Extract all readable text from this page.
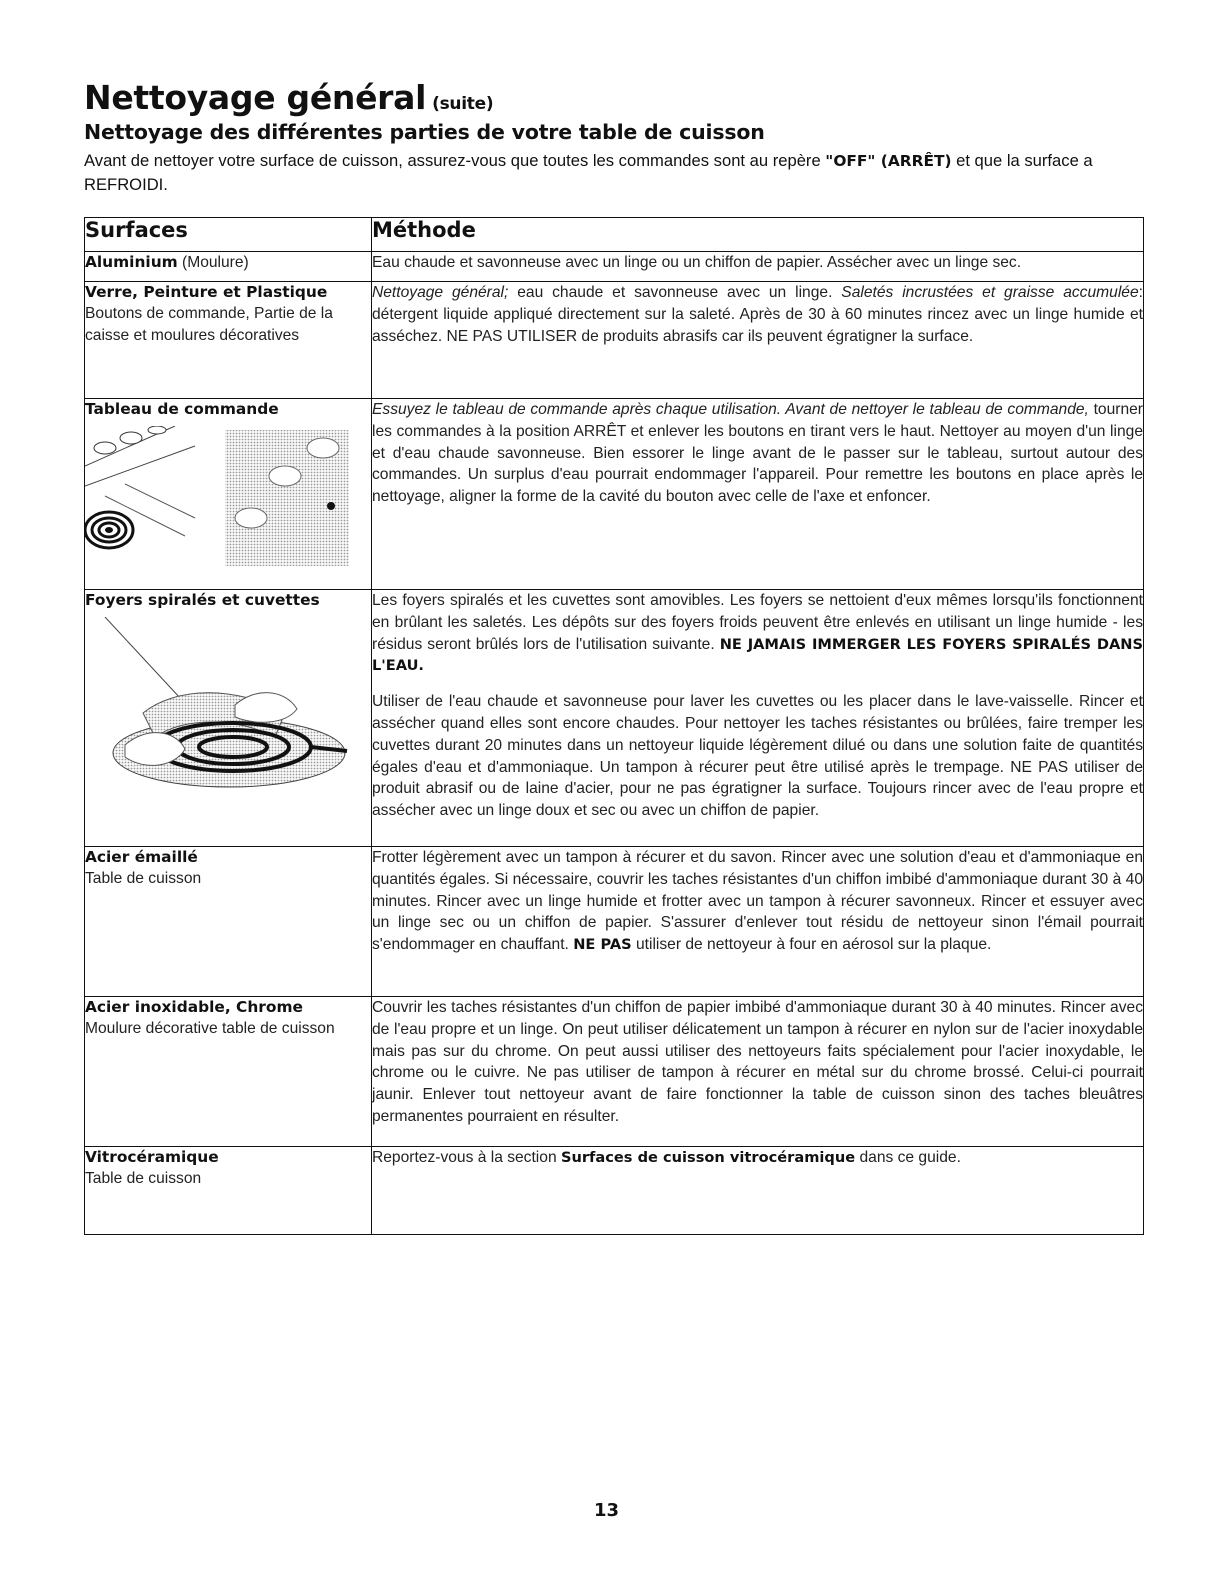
Nettoyage général (suite)
Nettoyage des différentes parties de votre table de cuisson

Avant de nettoyer votre surface de cuisson, assurez-vous que toutes les commandes sont au repère "OFF" (ARRÊT) et que la surface a REFROIDI.

Surfaces	Méthode
Aluminium (Moulure)	Eau chaude et savonneuse avec un linge ou un chiffon de papier. Assécher avec un linge sec.

Verre, Peinture et Plastique
Boutons de commande, Partie de la caisse et moulures décoratives	Nettoyage général; eau chaude et savonneuse avec un linge. Saletés incrustées et graisse accumulée: détergent liquide appliqué directement sur la saleté. Après de 30 à 60 minutes rincez avec un linge humide et asséchez. NE PAS UTILISER de produits abrasifs car ils peuvent égratigner la surface.

Tableau de commande	Essuyez le tableau de commande après chaque utilisation. Avant de nettoyer le tableau de commande, tourner les commandes à la position ARRÊT et enlever les boutons en tirant vers le haut. Nettoyer au moyen d'un linge et d'eau chaude savonneuse. Bien essorer le linge avant de le passer sur le tableau, surtout autour des commandes. Un surplus d'eau pourrait endommager l'appareil. Pour remettre les boutons en place après le nettoyage, aligner la forme de la cavité du bouton avec celle de l'axe et enfoncer.

Foyers spiralés et cuvettes	Les foyers spiralés et les cuvettes sont amovibles. Les foyers se nettoient d'eux mêmes lorsqu'ils fonctionnent en brûlant les saletés. Les dépôts sur des foyers froids peuvent être enlevés en utilisant un linge humide - les résidus seront brûlés lors de l'utilisation suivante. NE JAMAIS IMMERGER LES FOYERS SPIRALÉS DANS L'EAU.

Utiliser de l'eau chaude et savonneuse pour laver les cuvettes ou les placer dans le lave-vaisselle. Rincer et assécher quand elles sont encore chaudes. Pour nettoyer les taches résistantes ou brûlées, faire tremper les cuvettes durant 20 minutes dans un nettoyeur liquide légèrement dilué ou dans une solution faite de quantités égales d'eau et d'ammoniaque. Un tampon à récurer peut être utilisé après le trempage. NE PAS utiliser de produit abrasif ou de laine d'acier, pour ne pas égratigner la surface. Toujours rincer avec de l'eau propre et assécher avec un linge doux et sec ou avec un chiffon de papier.

Acier émaillé
Table de cuisson	Frotter légèrement avec un tampon à récurer et du savon. Rincer avec une solution d'eau et d'ammoniaque en quantités égales. Si nécessaire, couvrir les taches résistantes d'un chiffon imbibé d'ammoniaque durant 30 à 40 minutes. Rincer avec un linge humide et frotter avec un tampon à récurer savonneux. Rincer et essuyer avec un linge sec ou un chiffon de papier. S'assurer d'enlever tout résidu de nettoyeur sinon l'émail pourrait s'endommager en chauffant. NE PAS utiliser de nettoyeur à four en aérosol sur la plaque.

Acier inoxidable, Chrome
Moulure décorative table de cuisson	Couvrir les taches résistantes d'un chiffon de papier imbibé d'ammoniaque durant 30 à 40 minutes. Rincer avec de l'eau propre et un linge. On peut utiliser délicatement un tampon à récurer en nylon sur de l'acier inoxydable mais pas sur du chrome. On peut aussi utiliser des nettoyeurs faits spécialement pour l'acier inoxydable, le chrome ou le cuivre. Ne pas utiliser de tampon à récurer en métal sur du chrome brossé. Celui-ci pourrait jaunir. Enlever tout nettoyeur avant de faire fonctionner la table de cuisson sinon des taches bleuâtres permanentes pourraient en résulter.

Vitrocéramique
Table de cuisson	Reportez-vous à la section Surfaces de cuisson vitrocéramique dans ce guide.
13
